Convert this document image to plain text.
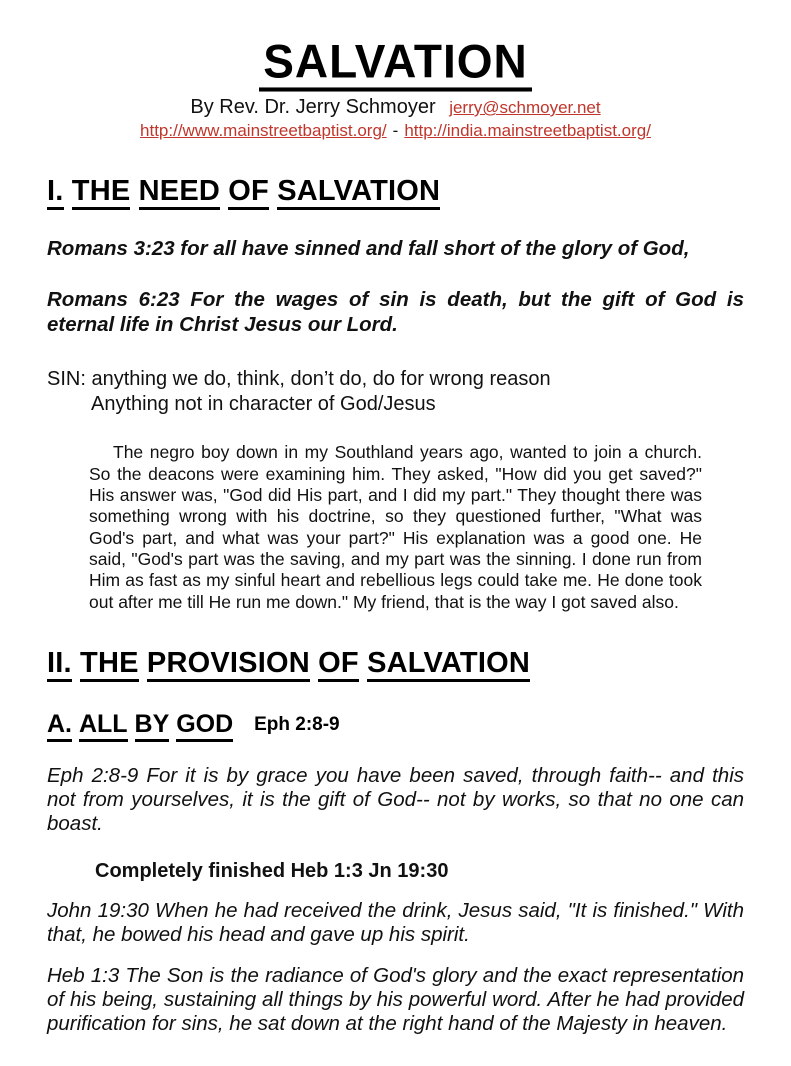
SALVATION
By Rev. Dr. Jerry Schmoyer jerry@schmoyer.net
http://www.mainstreetbaptist.org/ - http://india.mainstreetbaptist.org/
I. THE NEED OF SALVATION

Romans 3:23 for all have sinned and fall short of the glory of God,

Romans 6:23 For the wages of sin is death, but the gift of God is eternal life in Christ Jesus our Lord.

SIN: anything we do, think, don’t do, do for wrong reason
Anything not in character of God/Jesus

The negro boy down in my Southland years ago, wanted to join a church. So the deacons were examining him. They asked, "How did you get saved?" His answer was, "God did His part, and I did my part." They thought there was something wrong with his doctrine, so they questioned further, "What was God's part, and what was your part?" His explanation was a good one. He said, "God's part was the saving, and my part was the sinning. I done run from Him as fast as my sinful heart and rebellious legs could take me. He done took out after me till He run me down." My friend, that is the way I got saved also.

II. THE PROVISION OF SALVATION
A. ALL BY GOD Eph 2:8-9

Eph 2:8-9 For it is by grace you have been saved, through faith-- and this not from yourselves, it is the gift of God-- not by works, so that no one can boast.

Completely finished Heb 1:3 Jn 19:30

John 19:30 When he had received the drink, Jesus said, "It is finished." With that, he bowed his head and gave up his spirit.

Heb 1:3 The Son is the radiance of God's glory and the exact representation of his being, sustaining all things by his powerful word. After he had provided purification for sins, he sat down at the right hand of the Majesty in heaven.
